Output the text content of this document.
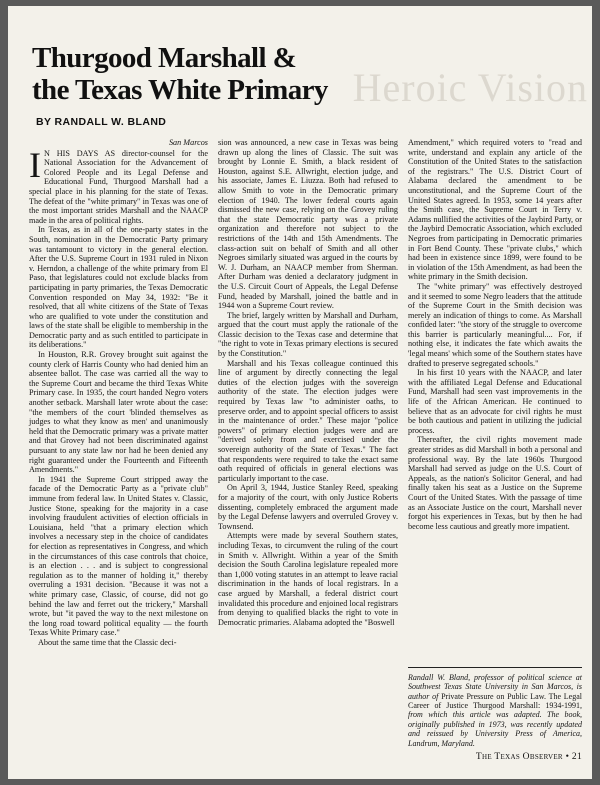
Heroic Vision
Thurgood Marshall &
the Texas White Primary
BY RANDALL W. BLAND
San Marcos

I N HIS DAYS AS director-counsel for the National Association for the Advancement of Colored People and its Legal Defense and Educational Fund, Thurgood Marshall had a special place in his planning for the state of Texas. The defeat of the "white primary" in Texas was one of the most important strides Marshall and the NAACP made in the area of political rights.

In Texas, as in all of the one-party states in the South, nomination in the Democratic Party primary was tantamount to victory in the general election. After the U.S. Supreme Court in 1931 ruled in Nixon v. Herndon, a challenge of the white primary from El Paso, that legislatures could not exclude blacks from participating in party primaries, the Texas Democratic Convention responded on May 34, 1932: "Be it resolved, that all white citizens of the State of Texas who are qualified to vote under the constitution and laws of the state shall be eligible to membership in the Democratic party and as such entitled to participate in its deliberations."

In Houston, R.R. Grovey brought suit against the county clerk of Harris County who had denied him an absentee ballot. The case was carried all the way to the Supreme Court and became the third Texas White Primary case. In 1935, the court handed Negro voters another setback. Marshall later wrote about the case: "the members of the court 'blinded themselves as judges to what they know as men' and unanimously held that the Democratic primary was a private matter and that Grovey had not been discriminated against pursuant to any state law nor had he been denied any right guaranteed under the Fourteenth and Fifteenth Amendments."

In 1941 the Supreme Court stripped away the facade of the Democratic Party as a "private club" immune from federal law. In United States v. Classic, Justice Stone, speaking for the majority in a case involving fraudulent activities of election officials in Louisiana, held "that a primary election which involves a necessary step in the choice of candidates for election as representatives in Congress, and which in the circumstances of this case controls that choice, is an election . . . and is subject to congressional regulation as to the manner of holding it," thereby overruling a 1931 decision. "Because it was not a white primary case, Classic, of course, did not go behind the law and ferret out the trickery," Marshall wrote, but "it paved the way to the next milestone on the long road toward political equality — the fourth Texas White Primary case."

About the same time that the Classic deci-

sion was announced, a new case in Texas was being drawn up along the lines of Classic. The suit was brought by Lonnie E. Smith, a black resident of Houston, against S.E. Allwright, election judge, and his associate, James E. Liuzza. Both had refused to allow Smith to vote in the Democratic primary election of 1940. The lower federal courts again dismissed the new case, relying on the Grovey ruling that the state Democratic party was a private organization and therefore not subject to the restrictions of the 14th and 15th Amendments. The class-action suit on behalf of Smith and all other Negroes similarly situated was argued in the courts by W. J. Durham, an NAACP member from Sherman. After Durham was denied a declaratory judgment in the U.S. Circuit Court of Appeals, the Legal Defense Fund, headed by Marshall, joined the battle and in 1944 won a Supreme Court review.

The brief, largely written by Marshall and Durham, argued that the court must apply the rationale of the Classic decision to the Texas case and determine that "the right to vote in Texas primary elections is secured by the Constitution."

Marshall and his Texas colleague continued this line of argument by directly connecting the legal duties of the election judges with the sovereign authority of the state. The election judges were required by Texas law "to administer oaths, to preserve order, and to appoint special officers to assist in the maintenance of order." These major "police powers" of primary election judges were and are "derived solely from and exercised under the sovereign authority of the State of Texas." The fact that respondents were required to take the exact same oath required of officials in general elections was particularly important to the case.

On April 3, 1944, Justice Stanley Reed, speaking for a majority of the court, with only Justice Roberts dissenting, completely embraced the argument made by the Legal Defense lawyers and overruled Grovey v. Townsend.

Attempts were made by several Southern states, including Texas, to circumvent the ruling of the court in Smith v. Allwright. Within a year of the Smith decision the South Carolina legislature repealed more than 1,000 voting statutes in an attempt to leave racial discrimination in the hands of local registrars. In a case argued by Marshall, a federal district court invalidated this procedure and enjoined local registrars from denying to qualified blacks the right to vote in Democratic primaries. Alabama adopted the "Boswell

Amendment," which required voters to "read and write, understand and explain any article of the Constitution of the United States to the satisfaction of the registrars." The U.S. District Court of Alabama declared the amendment to be unconstitutional, and the Supreme Court of the United States agreed. In 1953, some 14 years after the Smith case, the Supreme Court in Terry v. Adams nullified the activities of the Jaybird Party, or the Jaybird Democratic Association, which excluded Negroes from participating in Democratic primaries in Fort Bend County. These "private clubs," which had been in existence since 1899, were found to be in violation of the 15th Amendment, as had been the white primary in the Smith decision.

The "white primary" was effectively destroyed and it seemed to some Negro leaders that the attitude of the Supreme Court in the Smith decision was merely an indication of things to come. As Marshall confided later: "the story of the struggle to overcome this barrier is particularly meaningful.... For, if nothing else, it indicates the fate which awaits the 'legal means' which some of the Southern states have drafted to preserve segregated schools."

In his first 10 years with the NAACP, and later with the affiliated Legal Defense and Educational Fund, Marshall had seen vast improvements in the life of the African American. He continued to believe that as an advocate for civil rights he must be both cautious and patient in utilizing the judicial process.

Thereafter, the civil rights movement made greater strides as did Marshall in both a personal and professional way. By the late 1960s Thurgood Marshall had served as judge on the U.S. Court of Appeals, as the nation's Solicitor General, and had finally taken his seat as a Justice on the Supreme Court of the United States. With the passage of time as an Associate Justice on the court, Marshall never forgot his experiences in Texas, but by then he had become less cautious and greatly more impatient.

Randall W. Bland, professor of political science at Southwest Texas State University in San Marcos, is author of Private Pressure on Public Law. The Legal Career of Justice Thurgood Marshall: 1934-1991, from which this article was adapted. The book, originally published in 1973, was recently updated and reissued by University Press of America, Landrum, Maryland.
The Texas Observer • 21
